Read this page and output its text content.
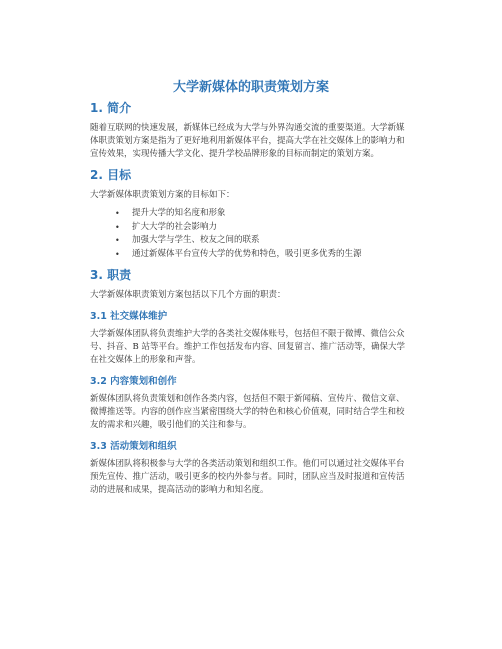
大学新媒体的职责策划方案
1. 简介

随着互联网的快速发展，新媒体已经成为大学与外界沟通交流的重要渠道。大学新媒体职责策划方案是指为了更好地利用新媒体平台，提高大学在社交媒体上的影响力和宣传效果，实现传播大学文化、提升学校品牌形象的目标而制定的策划方案。

2. 目标

大学新媒体职责策划方案的目标如下：

• 提升大学的知名度和形象
• 扩大大学的社会影响力
• 加强大学与学生、校友之间的联系
• 通过新媒体平台宣传大学的优势和特色，吸引更多优秀的生源
3. 职责

大学新媒体职责策划方案包括以下几个方面的职责：

3.1 社交媒体维护

大学新媒体团队将负责维护大学的各类社交媒体账号，包括但不限于微博、微信公众号、抖音、B 站等平台。维护工作包括发布内容、回复留言、推广活动等，确保大学在社交媒体上的形象和声誉。

3.2 内容策划和创作

新媒体团队将负责策划和创作各类内容，包括但不限于新闻稿、宣传片、微信文章、微博推送等。内容的创作应当紧密围绕大学的特色和核心价值观，同时结合学生和校友的需求和兴趣，吸引他们的关注和参与。

3.3 活动策划和组织

新媒体团队将积极参与大学的各类活动策划和组织工作。他们可以通过社交媒体平台预先宣传、推广活动，吸引更多的校内外参与者。同时，团队应当及时报道和宣传活动的进展和成果，提高活动的影响力和知名度。
